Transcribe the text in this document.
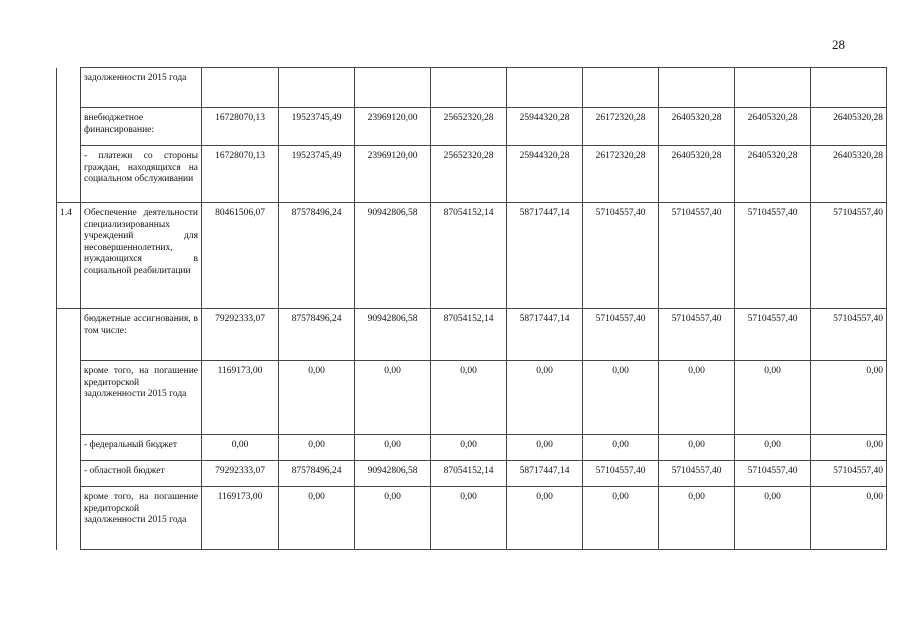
28
	задолженности 2015 года									
	внебюджетное финансирование:	16728070,13	19523745,49	23969120,00	25652320,28	25944320,28	26172320,28	26405320,28	26405320,28	26405320,28
	- платежи со стороны граждан, находящихся на социальном обслуживании	16728070,13	19523745,49	23969120,00	25652320,28	25944320,28	26172320,28	26405320,28	26405320,28	26405320,28
1.4	Обеспечение деятельности специализированных учреждений для несовершеннолетних, нуждающихся в социальной реабилитации	80461506,07	87578496,24	90942806,58	87054152,14	58717447,14	57104557,40	57104557,40	57104557,40	57104557,40
	бюджетные ассигнования, в том числе:	79292333,07	87578496,24	90942806,58	87054152,14	58717447,14	57104557,40	57104557,40	57104557,40	57104557,40
	кроме того, на погашение кредиторской задолженности 2015 года	1169173,00	0,00	0,00	0,00	0,00	0,00	0,00	0,00	0,00
	- федеральный бюджет	0,00	0,00	0,00	0,00	0,00	0,00	0,00	0,00	0,00
	- областной бюджет	79292333,07	87578496,24	90942806,58	87054152,14	58717447,14	57104557,40	57104557,40	57104557,40	57104557,40
	кроме того, на погашение кредиторской задолженности 2015 года	1169173,00	0,00	0,00	0,00	0,00	0,00	0,00	0,00	0,00
